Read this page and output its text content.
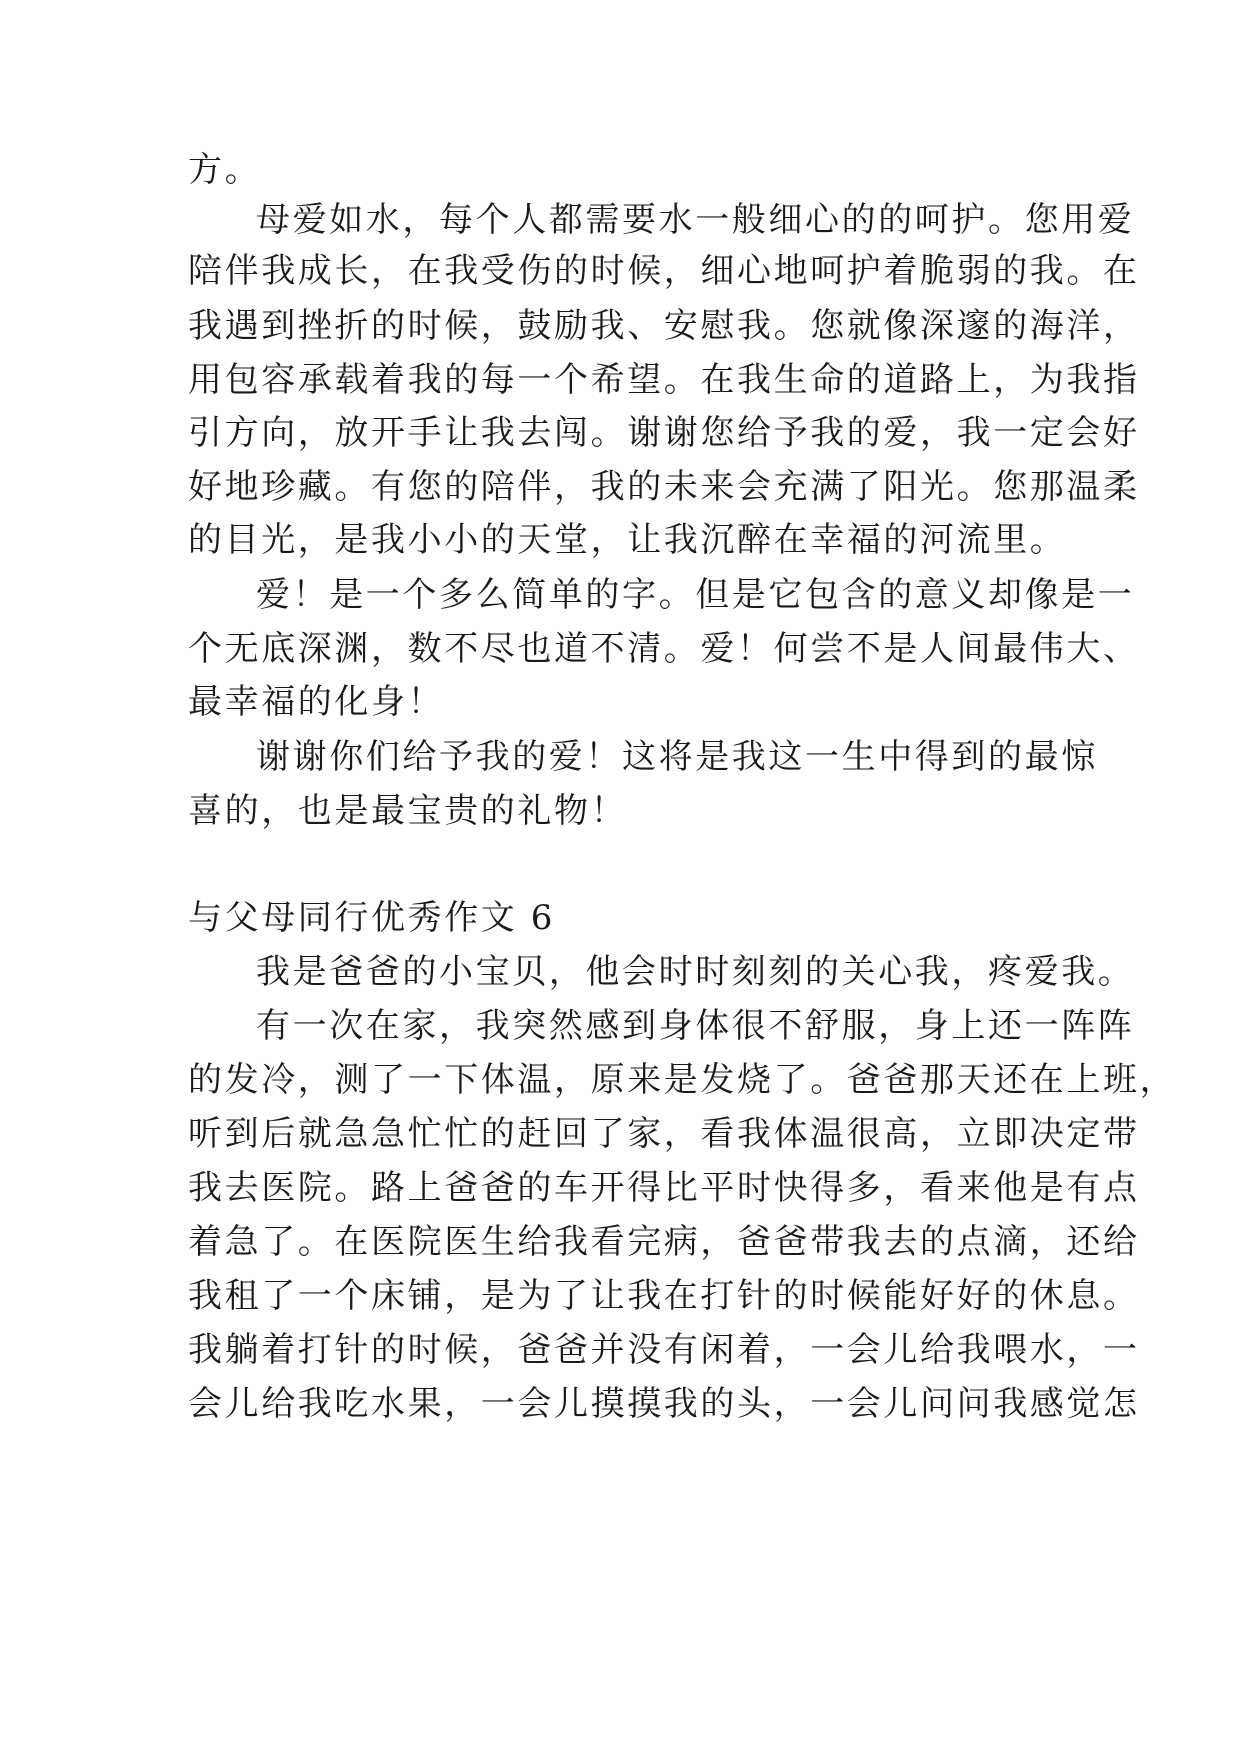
方。
母爱如水，每个人都需要水一般细心的的呵护。您用爱
陪伴我成长，在我受伤的时候，细心地呵护着脆弱的我。在
我遇到挫折的时候，鼓励我、安慰我。您就像深邃的海洋，
用包容承载着我的每一个希望。在我生命的道路上，为我指
引方向，放开手让我去闯。谢谢您给予我的爱，我一定会好
好地珍藏。有您的陪伴，我的未来会充满了阳光。您那温柔
的目光，是我小小的天堂，让我沉醉在幸福的河流里。
爱！是一个多么简单的字。但是它包含的意义却像是一
个无底深渊，数不尽也道不清。爱！何尝不是人间最伟大、
最幸福的化身！
谢谢你们给予我的爱！这将是我这一生中得到的最惊
喜的，也是最宝贵的礼物！
与父母同行优秀作文 6
我是爸爸的小宝贝，他会时时刻刻的关心我，疼爱我。
有一次在家，我突然感到身体很不舒服，身上还一阵阵
的发冷，测了一下体温，原来是发烧了。爸爸那天还在上班，
听到后就急急忙忙的赶回了家，看我体温很高，立即决定带
我去医院。路上爸爸的车开得比平时快得多，看来他是有点
着急了。在医院医生给我看完病，爸爸带我去的点滴，还给
我租了一个床铺，是为了让我在打针的时候能好好的休息。
我躺着打针的时候，爸爸并没有闲着，一会儿给我喂水，一
会儿给我吃水果，一会儿摸摸我的头，一会儿问问我感觉怎
